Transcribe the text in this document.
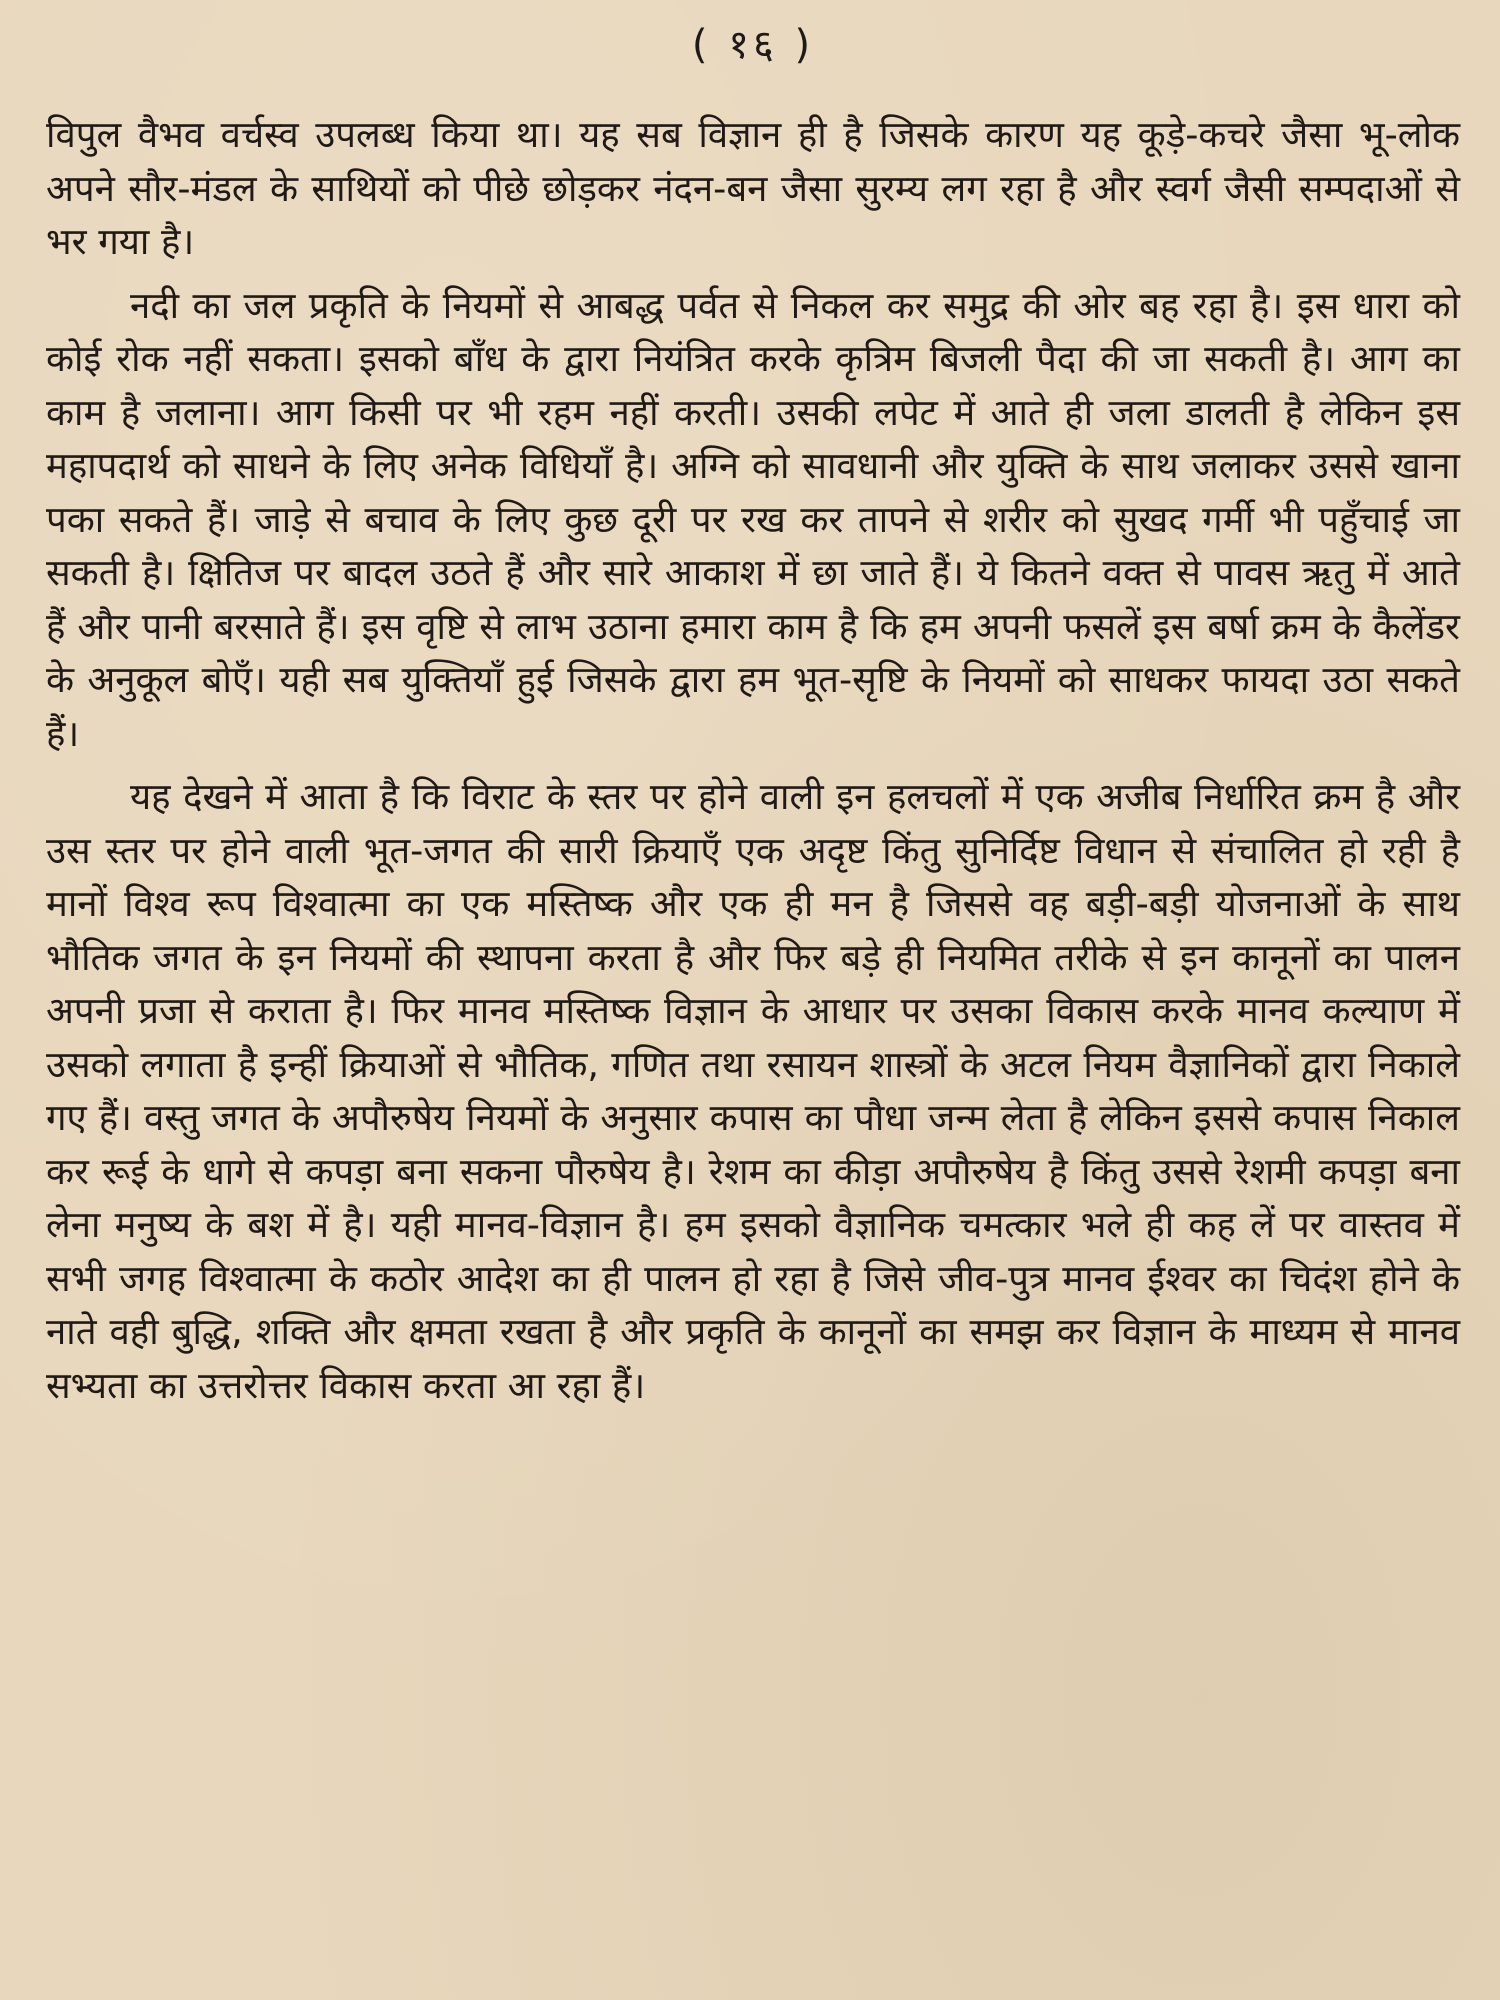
( १६ )

विपुल वैभव वर्चस्व उपलब्ध किया था। यह सब विज्ञान ही है जिसके कारण यह कूड़े-कचरे जैसा भू-लोक अपने सौर-मंडल के साथियों को पीछे छोड़कर नंदन-बन जैसा सुरम्य लग रहा है और स्वर्ग जैसी सम्पदाओं से भर गया है।

नदी का जल प्रकृति के नियमों से आबद्ध पर्वत से निकल कर समुद्र की ओर बह रहा है। इस धारा को कोई रोक नहीं सकता। इसको बाँध के द्वारा नियंत्रित करके कृत्रिम बिजली पैदा की जा सकती है। आग का काम है जलाना। आग किसी पर भी रहम नहीं करती। उसकी लपेट में आते ही जला डालती है लेकिन इस महापदार्थ को साधने के लिए अनेक विधियाँ है। अग्नि को सावधानी और युक्ति के साथ जलाकर उससे खाना पका सकते हैं। जाड़े से बचाव के लिए कुछ दूरी पर रख कर तापने से शरीर को सुखद गर्मी भी पहुँचाई जा सकती है। क्षितिज पर बादल उठते हैं और सारे आकाश में छा जाते हैं। ये कितने वक्त से पावस ऋतु में आते हैं और पानी बरसाते हैं। इस वृष्टि से लाभ उठाना हमारा काम है कि हम अपनी फसलें इस बर्षा क्रम के कैलेंडर के अनुकूल बोएँ। यही सब युक्तियाँ हुई जिसके द्वारा हम भूत-सृष्टि के नियमों को साधकर फायदा उठा सकते हैं।

यह देखने में आता है कि विराट के स्तर पर होने वाली इन हलचलों में एक अजीब निर्धारित क्रम है और उस स्तर पर होने वाली भूत-जगत की सारी क्रियाएँ एक अदृष्ट किंतु सुनिर्दिष्ट विधान से संचालित हो रही है मानों विश्व रूप विश्वात्मा का एक मस्तिष्क और एक ही मन है जिससे वह बड़ी-बड़ी योजनाओं के साथ भौतिक जगत के इन नियमों की स्थापना करता है और फिर बड़े ही नियमित तरीके से इन कानूनों का पालन अपनी प्रजा से कराता है। फिर मानव मस्तिष्क विज्ञान के आधार पर उसका विकास करके मानव कल्याण में उसको लगाता है इन्हीं क्रियाओं से भौतिक, गणित तथा रसायन शास्त्रों के अटल नियम वैज्ञानिकों द्वारा निकाले गए हैं। वस्तु जगत के अपौरुषेय नियमों के अनुसार कपास का पौधा जन्म लेता है लेकिन इससे कपास निकाल कर रूई के धागे से कपड़ा बना सकना पौरुषेय है। रेशम का कीड़ा अपौरुषेय है किंतु उससे रेशमी कपड़ा बना लेना मनुष्य के बश में है। यही मानव-विज्ञान है। हम इसको वैज्ञानिक चमत्कार भले ही कह लें पर वास्तव में सभी जगह विश्वात्मा के कठोर आदेश का ही पालन हो रहा है जिसे जीव-पुत्र मानव ईश्वर का चिदंश होने के नाते वही बुद्धि, शक्ति और क्षमता रखता है और प्रकृति के कानूनों का समझ कर विज्ञान के माध्यम से मानव सभ्यता का उत्तरोत्तर विकास करता आ रहा हैं।
